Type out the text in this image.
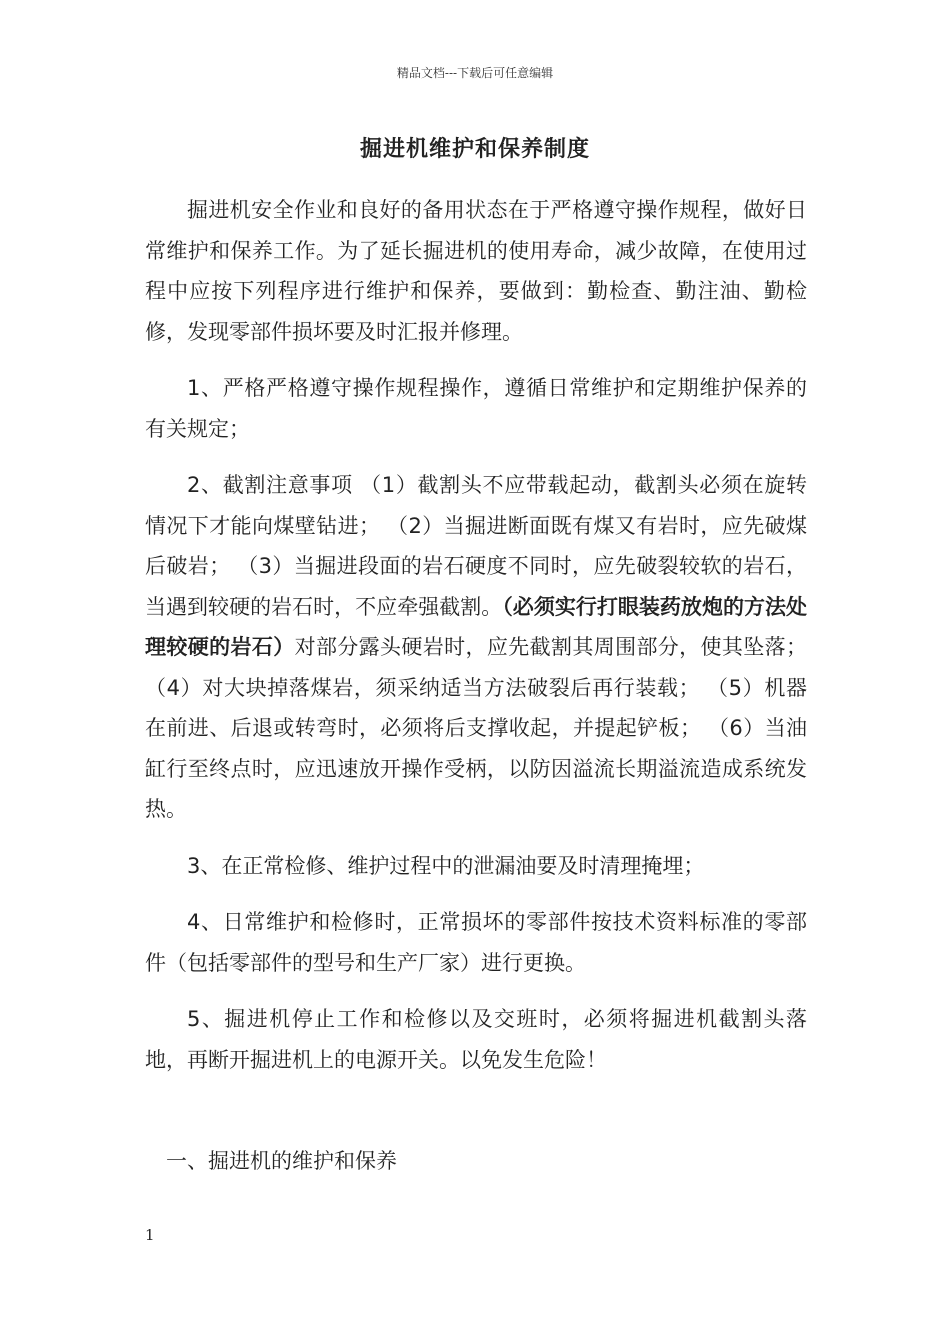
精品文档---下载后可任意编辑
掘进机维护和保养制度

掘进机安全作业和良好的备用状态在于严格遵守操作规程，做好日常维护和保养工作。为了延长掘进机的使用寿命，减少故障，在使用过程中应按下列程序进行维护和保养，要做到：勤检查、勤注油、勤检修，发现零部件损坏要及时汇报并修理。

1、严格严格遵守操作规程操作，遵循日常维护和定期维护保养的有关规定；

2、截割注意事项 （1）截割头不应带载起动，截割头必须在旋转情况下才能向煤壁钻进； （2）当掘进断面既有煤又有岩时，应先破煤后破岩； （3）当掘进段面的岩石硬度不同时，应先破裂较软的岩石，当遇到较硬的岩石时，不应牵强截割。（必须实行打眼装药放炮的方法处理较硬的岩石）对部分露头硬岩时，应先截割其周围部分，使其坠落； （4）对大块掉落煤岩，须采纳适当方法破裂后再行装载； （5）机器在前进、后退或转弯时，必须将后支撑收起，并提起铲板； （6）当油缸行至终点时，应迅速放开操作受柄，以防因溢流长期溢流造成系统发热。

3、在正常检修、维护过程中的泄漏油要及时清理掩埋；

4、日常维护和检修时，正常损坏的零部件按技术资料标准的零部件（包括零部件的型号和生产厂家）进行更换。

5、掘进机停止工作和检修以及交班时，必须将掘进机截割头落地，再断开掘进机上的电源开关。以免发生危险！

一、掘进机的维护和保养
1
